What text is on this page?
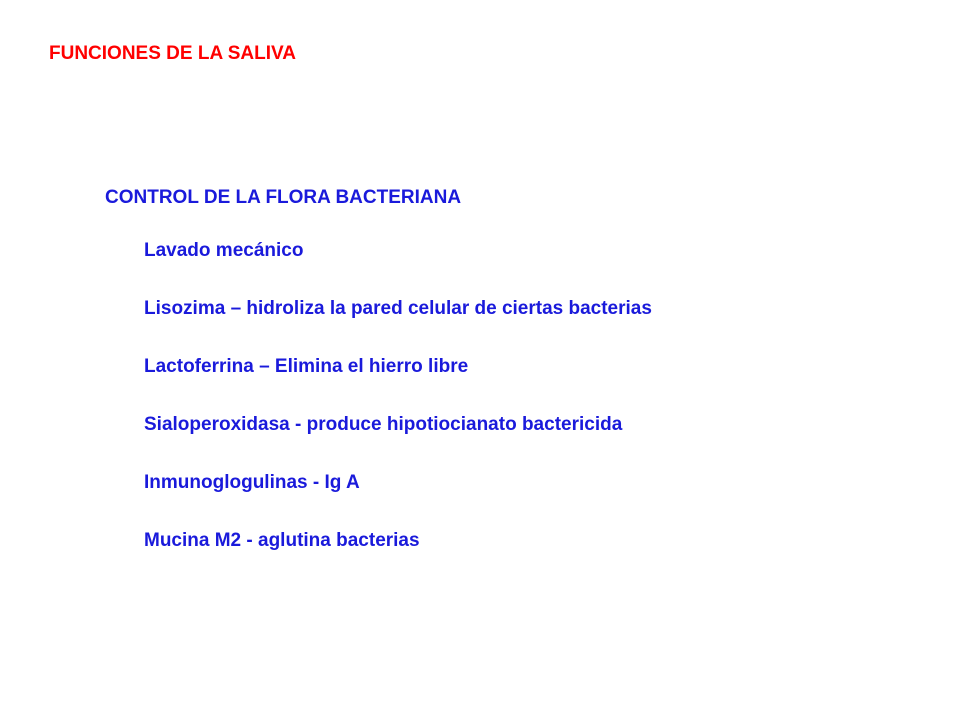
FUNCIONES DE LA SALIVA
CONTROL DE LA FLORA BACTERIANA
Lavado mecánico
Lisozima – hidroliza la pared celular de ciertas bacterias
Lactoferrina – Elimina el hierro libre
Sialoperoxidasa - produce hipotiocianato bactericida
Inmunoglogulinas - Ig A
Mucina M2 - aglutina bacterias
